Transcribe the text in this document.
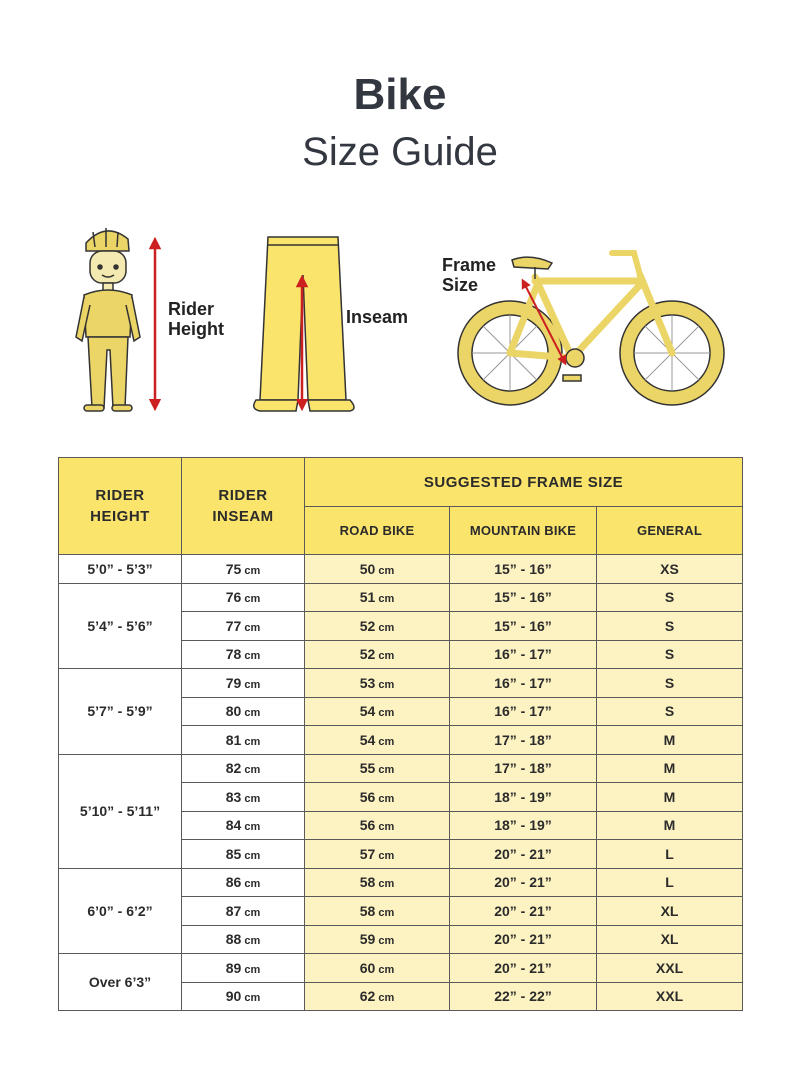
Bike
Size Guide
Rider
Height
Inseam
Frame
Size
RIDER HEIGHT	RIDER INSEAM	SUGGESTED FRAME SIZE		
		ROAD BIKE	MOUNTAIN BIKE	GENERAL
5’0” - 5’3”	75 cm	50 cm	15” - 16”	XS
5’4” - 5’6”	76 cm	51 cm	15” - 16”	S
	77 cm	52 cm	15” - 16”	S
	78 cm	52 cm	16” - 17”	S
5’7” - 5’9”	79 cm	53 cm	16” - 17”	S
	80 cm	54 cm	16” - 17”	S
	81 cm	54 cm	17” - 18”	M
5’10” - 5’11”	82 cm	55 cm	17” - 18”	M
	83 cm	56 cm	18” - 19”	M
	84 cm	56 cm	18” - 19”	M
	85 cm	57 cm	20” - 21”	L
6’0” - 6’2”	86 cm	58 cm	20” - 21”	L
	87 cm	58 cm	20” - 21”	XL
	88 cm	59 cm	20” - 21”	XL
Over 6’3”	89 cm	60 cm	20” - 21”	XXL
	90 cm	62 cm	22” - 22”	XXL
